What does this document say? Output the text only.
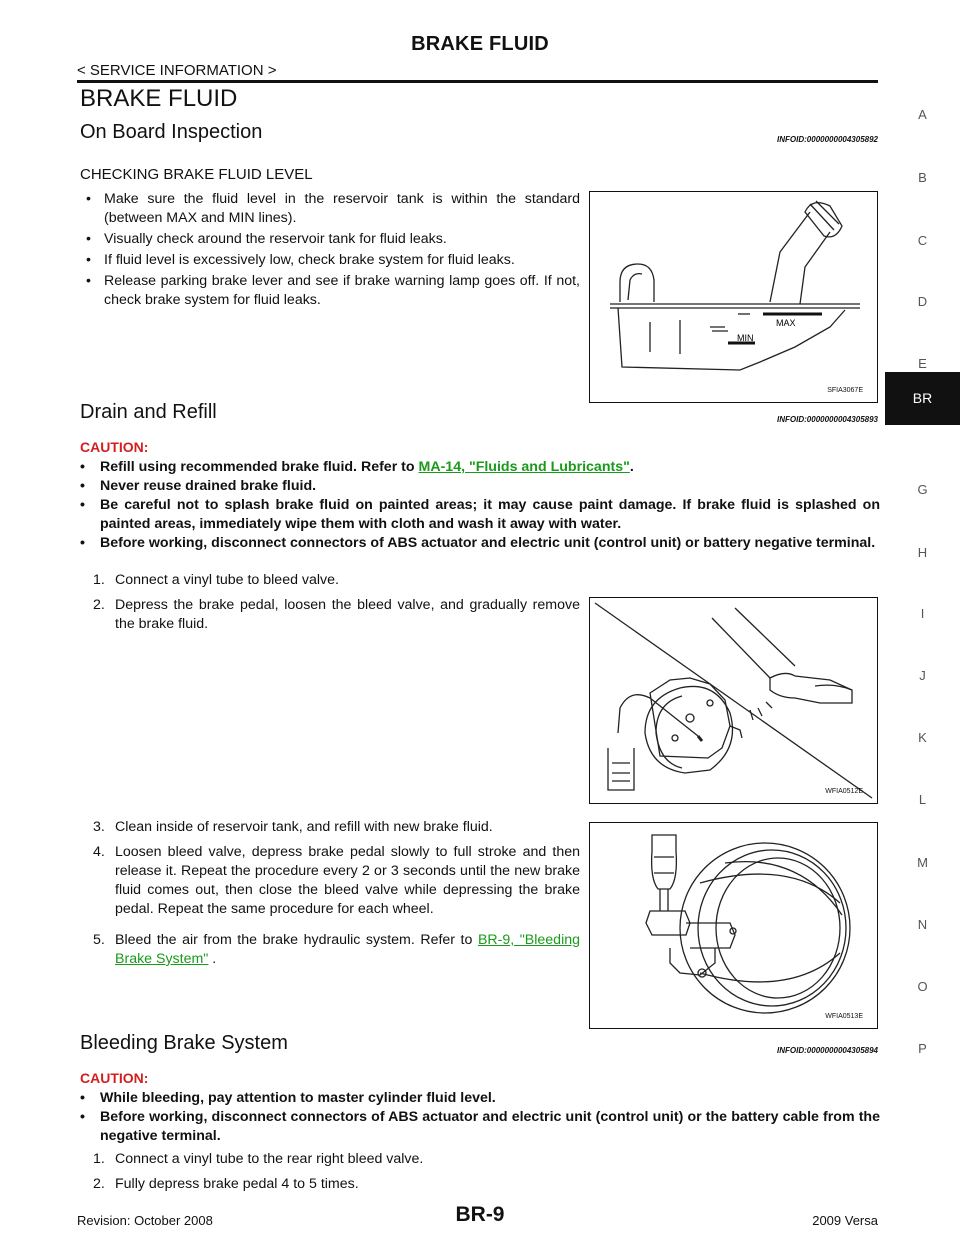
BRAKE FLUID
< SERVICE INFORMATION >
BRAKE FLUID
On Board Inspection	INFOID:0000000004305892
CHECKING BRAKE FLUID LEVEL
• Make sure the fluid level in the reservoir tank is within the standard (between MAX and MIN lines).
• Visually check around the reservoir tank for fluid leaks.
• If fluid level is excessively low, check brake system for fluid leaks.
• Release parking brake lever and see if brake warning lamp goes off. If not, check brake system for fluid leaks.
MAX
MIN
SFIA3067E
Drain and Refill	INFOID:0000000004305893
CAUTION:
• Refill using recommended brake fluid. Refer to MA-14, "Fluids and Lubricants".
• Never reuse drained brake fluid.
• Be careful not to splash brake fluid on painted areas; it may cause paint damage. If brake fluid is splashed on painted areas, immediately wipe them with cloth and wash it away with water.
• Before working, disconnect connectors of ABS actuator and electric unit (control unit) or battery negative terminal.
1. Connect a vinyl tube to bleed valve.
2. Depress the brake pedal, loosen the bleed valve, and gradually remove the brake fluid.
WFIA0512E
3. Clean inside of reservoir tank, and refill with new brake fluid.
4. Loosen bleed valve, depress brake pedal slowly to full stroke and then release it. Repeat the procedure every 2 or 3 seconds until the new brake fluid comes out, then close the bleed valve while depressing the brake pedal. Repeat the same procedure for each wheel.
5. Bleed the air from the brake hydraulic system. Refer to BR-9, "Bleeding Brake System" .
WFIA0513E
Bleeding Brake System	INFOID:0000000004305894
CAUTION:
• While bleeding, pay attention to master cylinder fluid level.
• Before working, disconnect connectors of ABS actuator and electric unit (control unit) or the battery cable from the negative terminal.
1. Connect a vinyl tube to the rear right bleed valve.
2. Fully depress brake pedal 4 to 5 times.
A
B
C
D
E
BR
G
H
I
J
K
L
M
N
O
P
Revision: October 2008	BR-9	2009 Versa
